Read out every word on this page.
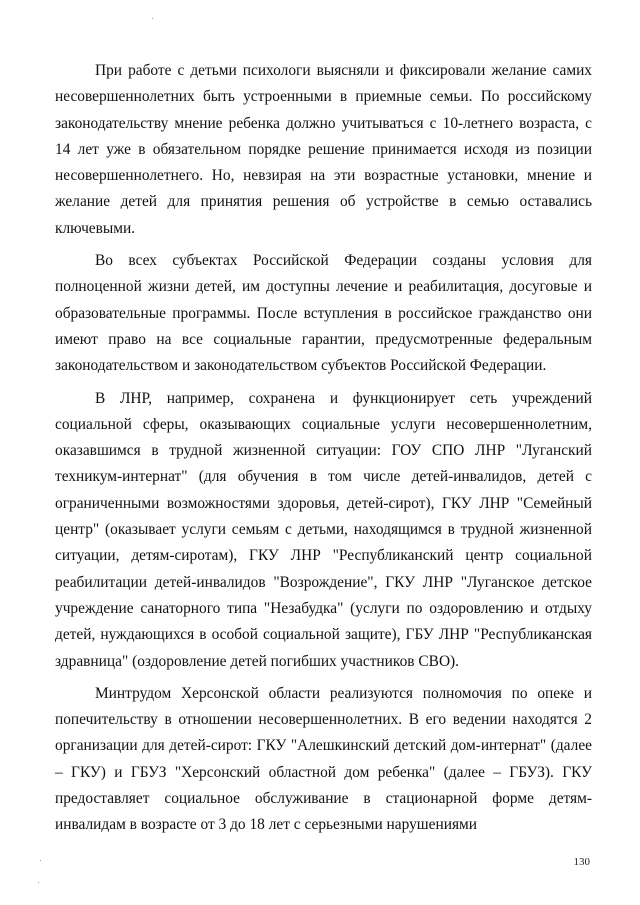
При работе с детьми психологи выясняли и фиксировали желание самих несовершеннолетних быть устроенными в приемные семьи. По российскому законодательству мнение ребенка должно учитываться с 10-летнего возраста, с 14 лет уже в обязательном порядке решение принимается исходя из позиции несовершеннолетнего. Но, невзирая на эти возрастные установки, мнение и желание детей для принятия решения об устройстве в семью оставались ключевыми.

Во всех субъектах Российской Федерации созданы условия для полноценной жизни детей, им доступны лечение и реабилитация, досуговые и образовательные программы. После вступления в российское гражданство они имеют право на все социальные гарантии, предусмотренные федеральным законодательством и законодательством субъектов Российской Федерации.

В ЛНР, например, сохранена и функционирует сеть учреждений социальной сферы, оказывающих социальные услуги несовершеннолетним, оказавшимся в трудной жизненной ситуации: ГОУ СПО ЛНР "Луганский техникум-интернат" (для обучения в том числе детей-инвалидов, детей с ограниченными возможностями здоровья, детей-сирот), ГКУ ЛНР "Семейный центр" (оказывает услуги семьям с детьми, находящимся в трудной жизненной ситуации, детям-сиротам), ГКУ ЛНР "Республиканский центр социальной реабилитации детей-инвалидов "Возрождение", ГКУ ЛНР "Луганское детское учреждение санаторного типа "Незабудка" (услуги по оздоровлению и отдыху детей, нуждающихся в особой социальной защите), ГБУ ЛНР "Республиканская здравница" (оздоровление детей погибших участников СВО).

Минтрудом Херсонской области реализуются полномочия по опеке и попечительству в отношении несовершеннолетних. В его ведении находятся 2 организации для детей-сирот: ГКУ "Алешкинский детский дом-интернат" (далее – ГКУ) и ГБУЗ "Херсонский областной дом ребенка" (далее – ГБУЗ). ГКУ предоставляет социальное обслуживание в стационарной форме детям-инвалидам в возрасте от 3 до 18 лет с серьезными нарушениями

130
